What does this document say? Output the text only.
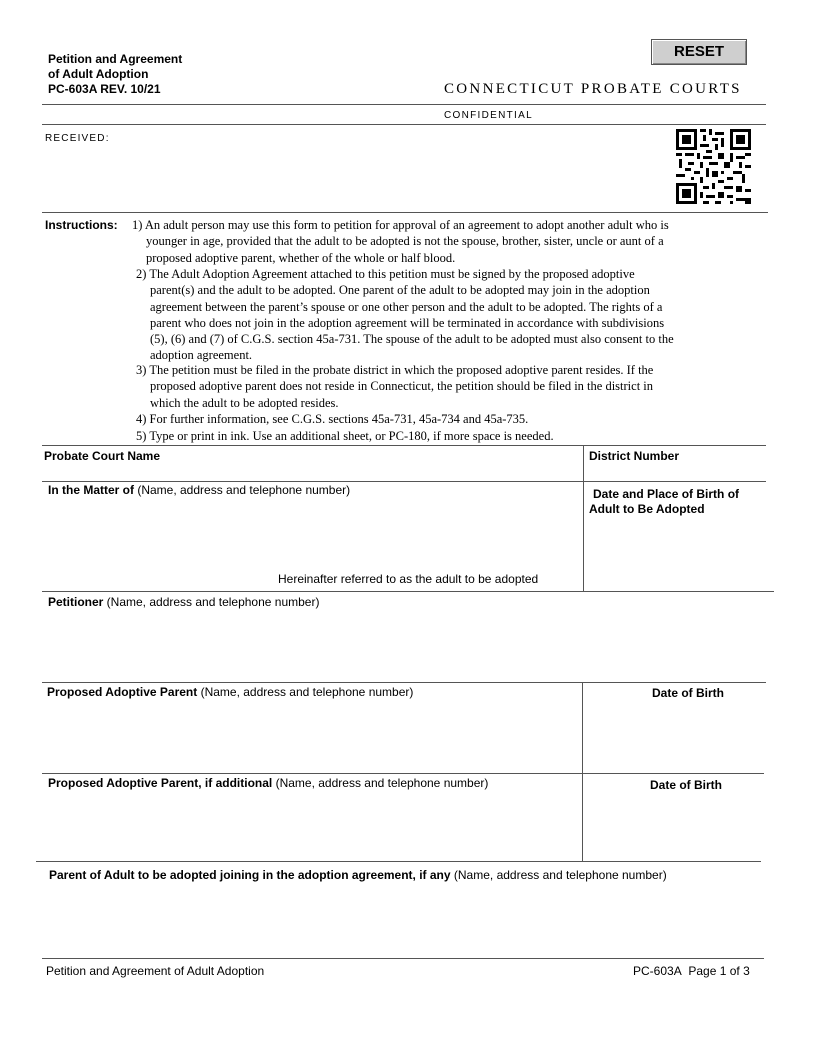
Petition and Agreement
of Adult Adoption
PC-603A REV. 10/21
RESET
CONNECTICUT PROBATE COURTS
CONFIDENTIAL
RECEIVED:
Instructions: 1) An adult person may use this form to petition for approval of an agreement to adopt another adult who is
younger in age, provided that the adult to be adopted is not the spouse, brother, sister, uncle or aunt of a
proposed adoptive parent, whether of the whole or half blood.
2) The Adult Adoption Agreement attached to this petition must be signed by the proposed adoptive
parent(s) and the adult to be adopted. One parent of the adult to be adopted may join in the adoption
agreement between the parent’s spouse or one other person and the adult to be adopted. The rights of a
parent who does not join in the adoption agreement will be terminated in accordance with subdivisions
(5), (6) and (7) of C.G.S. section 45a-731. The spouse of the adult to be adopted must also consent to the
adoption agreement.
3) The petition must be filed in the probate district in which the proposed adoptive parent resides. If the
proposed adoptive parent does not reside in Connecticut, the petition should be filed in the district in
which the adult to be adopted resides.
4) For further information, see C.G.S. sections 45a-731, 45a-734 and 45a-735.
5) Type or print in ink. Use an additional sheet, or PC-180, if more space is needed.
Probate Court Name	District Number
In the Matter of (Name, address and telephone number)
Hereinafter referred to as the adult to be adopted
Date and Place of Birth of
Adult to Be Adopted
Petitioner (Name, address and telephone number)
Proposed Adoptive Parent (Name, address and telephone number)	Date of Birth
Proposed Adoptive Parent, if additional (Name, address and telephone number)	Date of Birth
Parent of Adult to be adopted joining in the adoption agreement, if any (Name, address and telephone number)
Petition and Agreement of Adult Adoption	PC-603A Page 1 of 3
